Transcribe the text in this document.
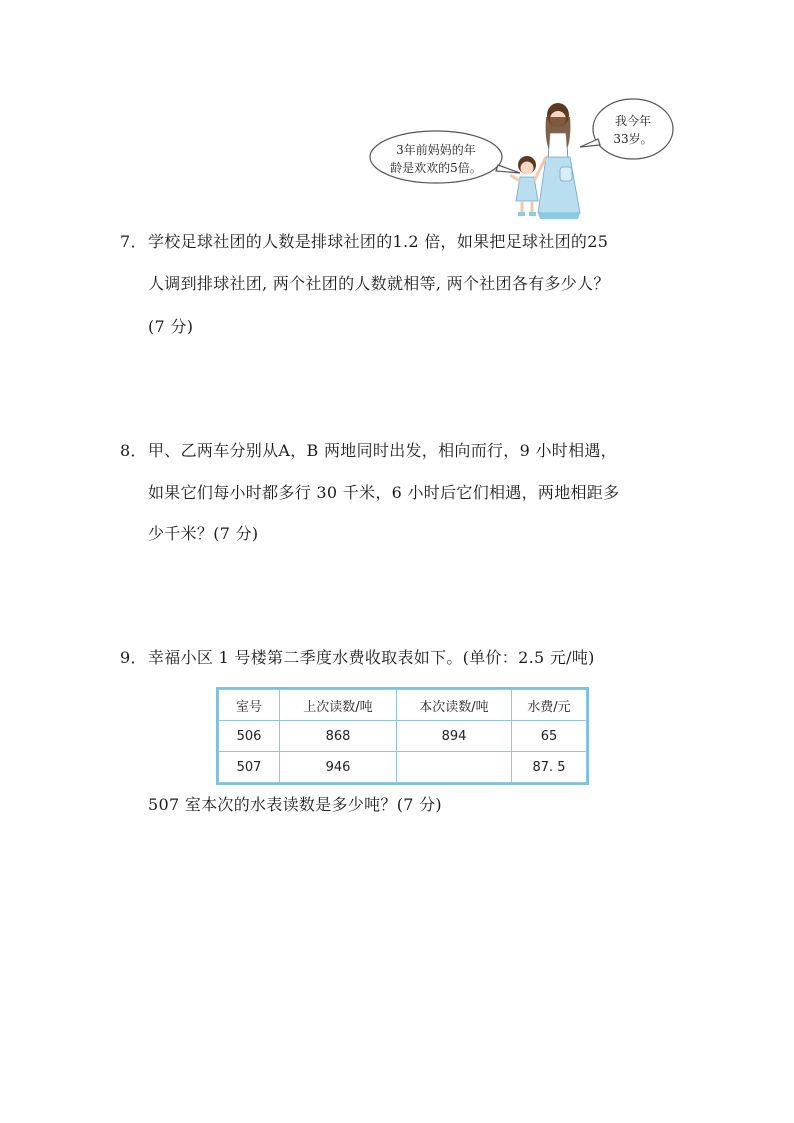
3年前妈妈的年
龄是欢欢的5倍。
我今年
33岁。
7．学校足球社团的人数是排球社团的1.2 倍，如果把足球社团的25
人调到排球社团, 两个社团的人数就相等, 两个社团各有多少人？
(7 分)
8．甲、乙两车分别从A，B 两地同时出发，相向而行，9 小时相遇，
如果它们每小时都多行 30 千米，6 小时后它们相遇，两地相距多
少千米？(7 分)
9．幸福小区 1 号楼第二季度水费收取表如下。(单价：2.5 元/吨)
室号	上次读数/吨	本次读数/吨	水费/元
506	868	894	65
507	946		87. 5
507 室本次的水表读数是多少吨？(7 分)
